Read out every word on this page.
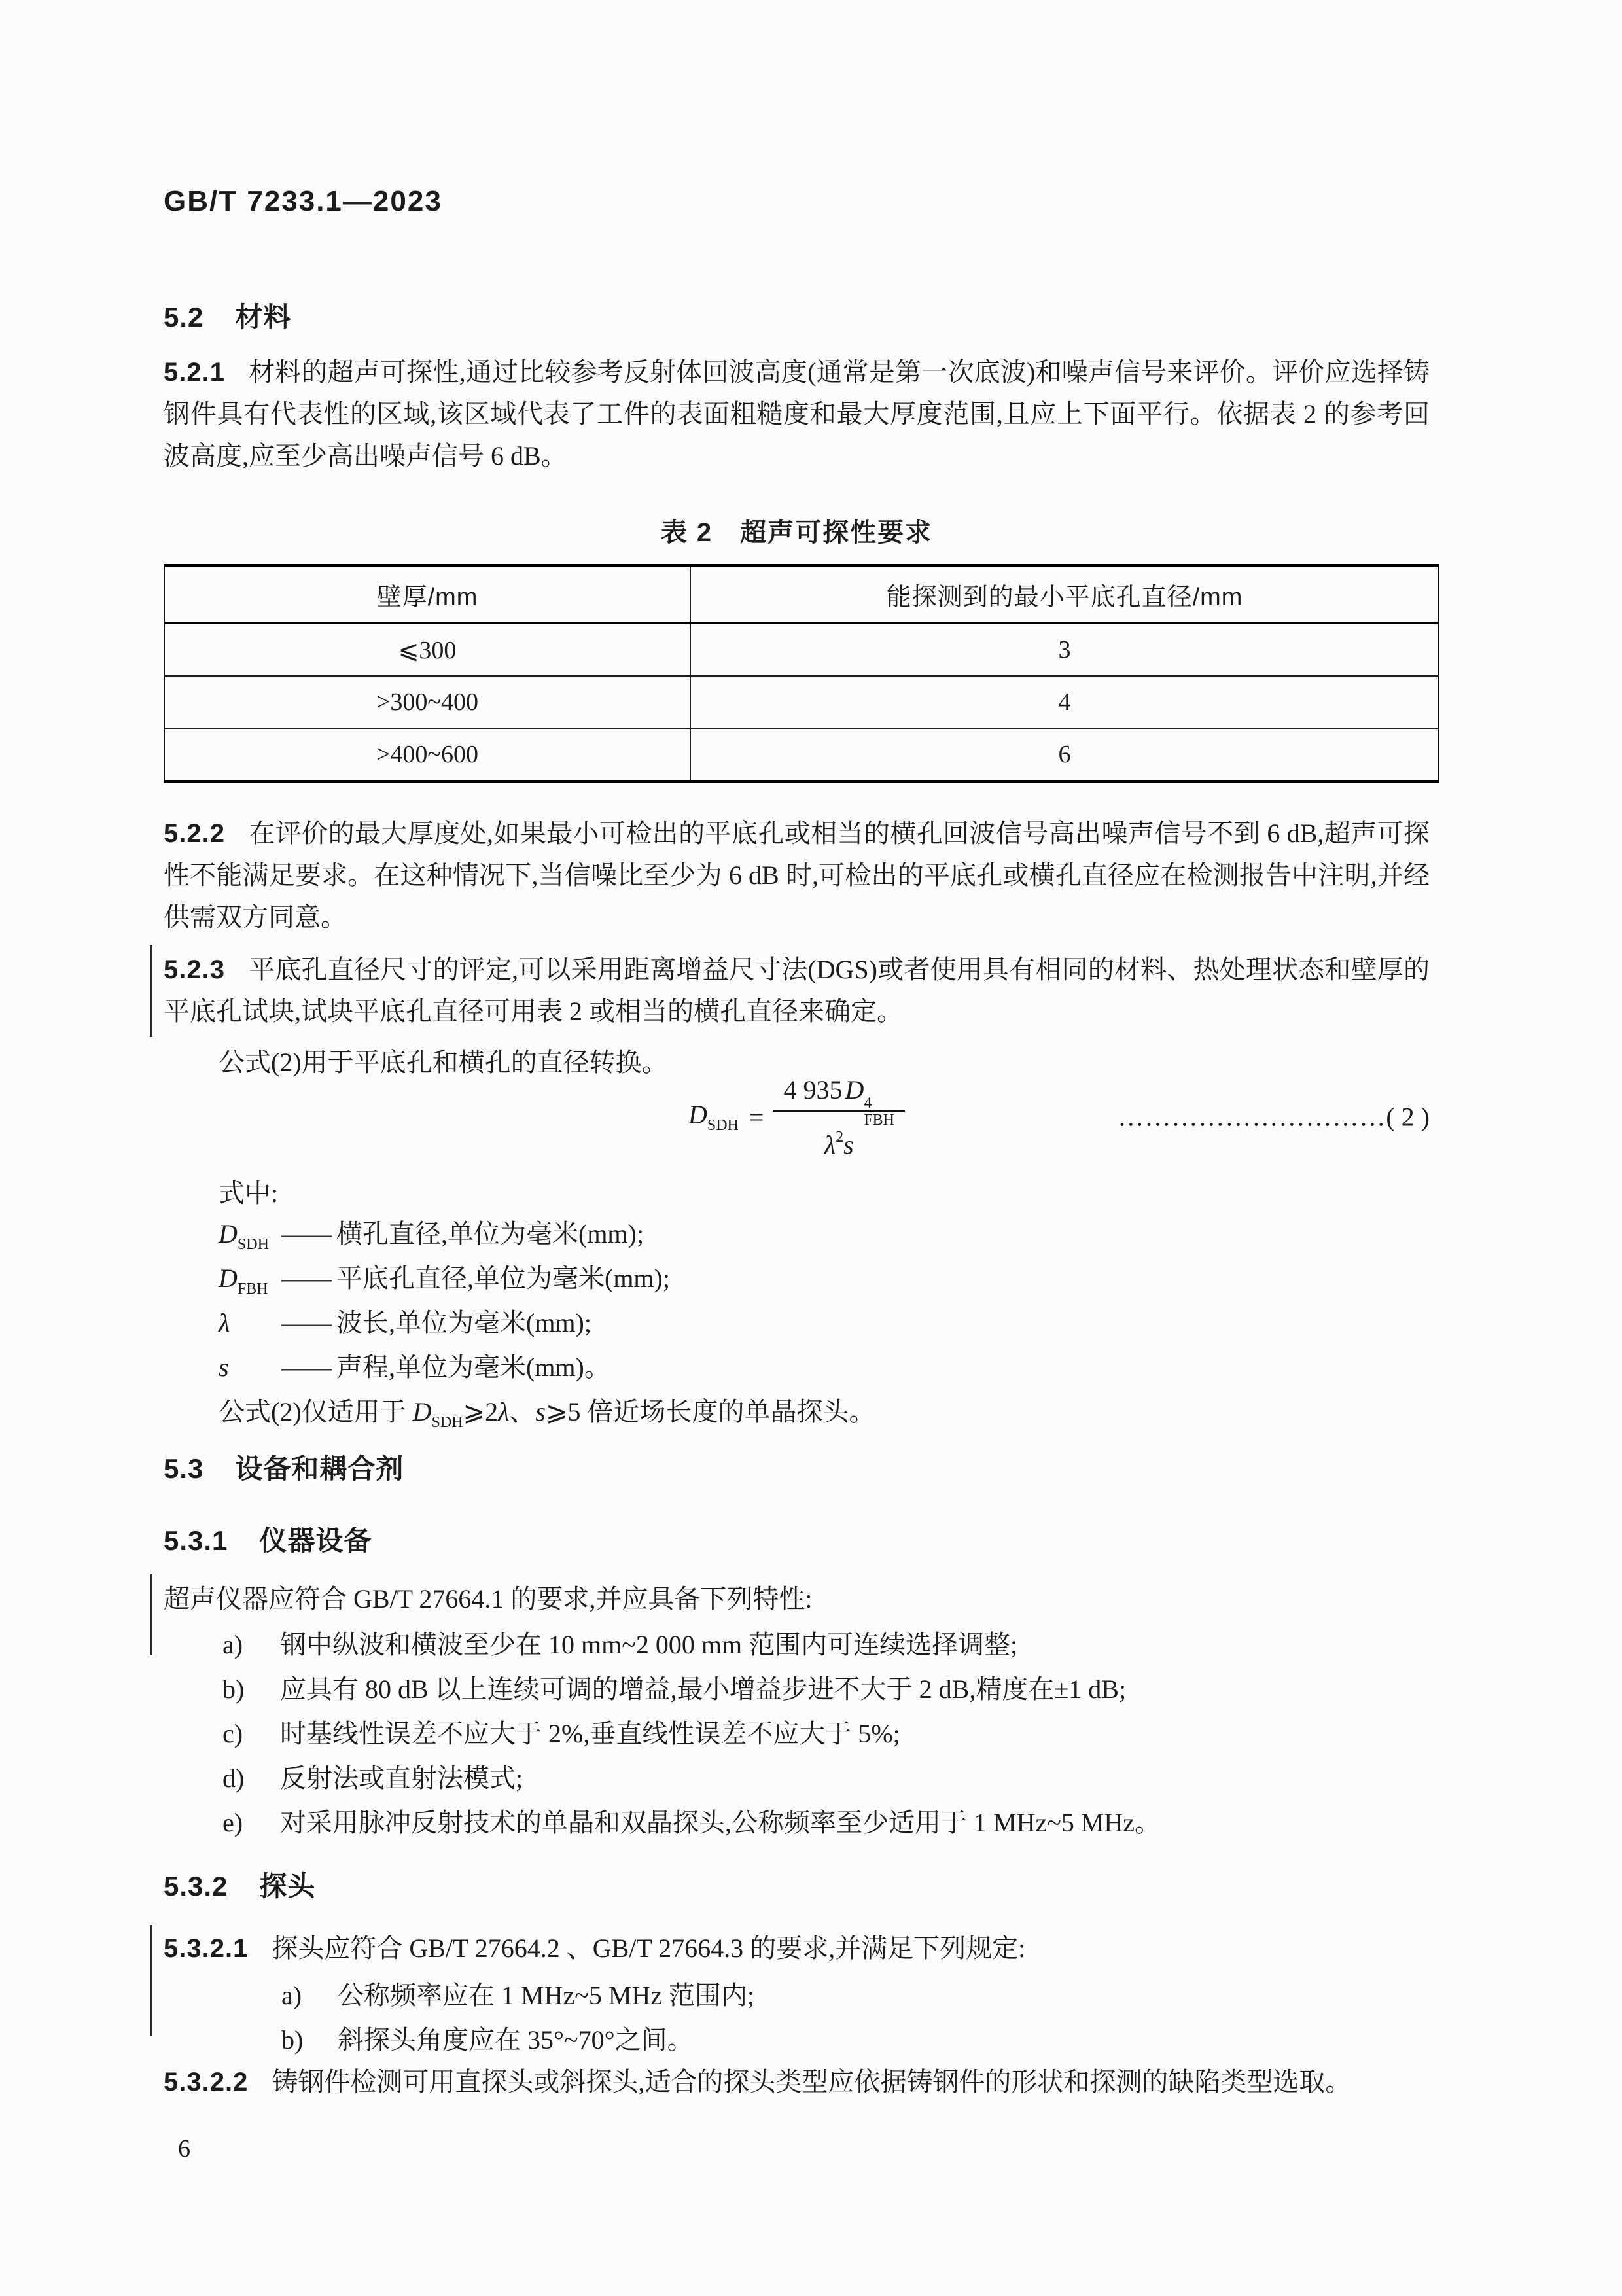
GB/T 7233.1—2023
5.2 材料
5.2.1 材料的超声可探性,通过比较参考反射体回波高度(通常是第一次底波)和噪声信号来评价。评价应选择铸钢件具有代表性的区域,该区域代表了工件的表面粗糙度和最大厚度范围,且应上下面平行。依据表 2 的参考回波高度,应至少高出噪声信号 6 dB。
表 2　超声可探性要求
壁厚/mm	能探测到的最小平底孔直径/mm
⩽300	3
>300~400	4
>400~600	6
5.2.2 在评价的最大厚度处,如果最小可检出的平底孔或相当的横孔回波信号高出噪声信号不到 6 dB,超声可探性不能满足要求。在这种情况下,当信噪比至少为 6 dB 时,可检出的平底孔或横孔直径应在检测报告中注明,并经供需双方同意。
5.2.3 平底孔直径尺寸的评定,可以采用距离增益尺寸法(DGS)或者使用具有相同的材料、热处理状态和壁厚的平底孔试块,试块平底孔直径可用表 2 或相当的横孔直径来确定。
公式(2)用于平底孔和横孔的直径转换。
$D_{SDH} = 4$ 935 D 4
FBH

$\lambda^2s$	………………………… ( 2 )
式中:
$D_{SDH}$ —— 横孔直径,单位为毫米(mm);
$D_{FBH}$ —— 平底孔直径,单位为毫米(mm);
λ	—— 波长,单位为毫米(mm);
s	—— 声程,单位为毫米(mm)。
公式(2)仅适用于 $D_{SDH}⩾2\lambda$、s⩾5 倍近场长度的单晶探头。
5.3 设备和耦合剂
5.3.1 仪器设备
超声仪器应符合 GB/T 27664.1 的要求,并应具备下列特性:
a)	钢中纵波和横波至少在 10 mm~2 000 mm 范围内可连续选择调整;
b)	应具有 80 dB 以上连续可调的增益,最小增益步进不大于 2 dB,精度在±1 dB;
c)	时基线性误差不应大于 2%,垂直线性误差不应大于 5%;
d)	反射法或直射法模式;
e)	对采用脉冲反射技术的单晶和双晶探头,公称频率至少适用于 1 MHz~5 MHz。
5.3.2 探头
5.3.2.1 探头应符合 GB/T 27664.2 、GB/T 27664.3 的要求,并满足下列规定:
a)	公称频率应在 1 MHz~5 MHz 范围内;
b)	斜探头角度应在 35°~70°之间。
5.3.2.2 铸钢件检测可用直探头或斜探头,适合的探头类型应依据铸钢件的形状和探测的缺陷类型选取。
6
